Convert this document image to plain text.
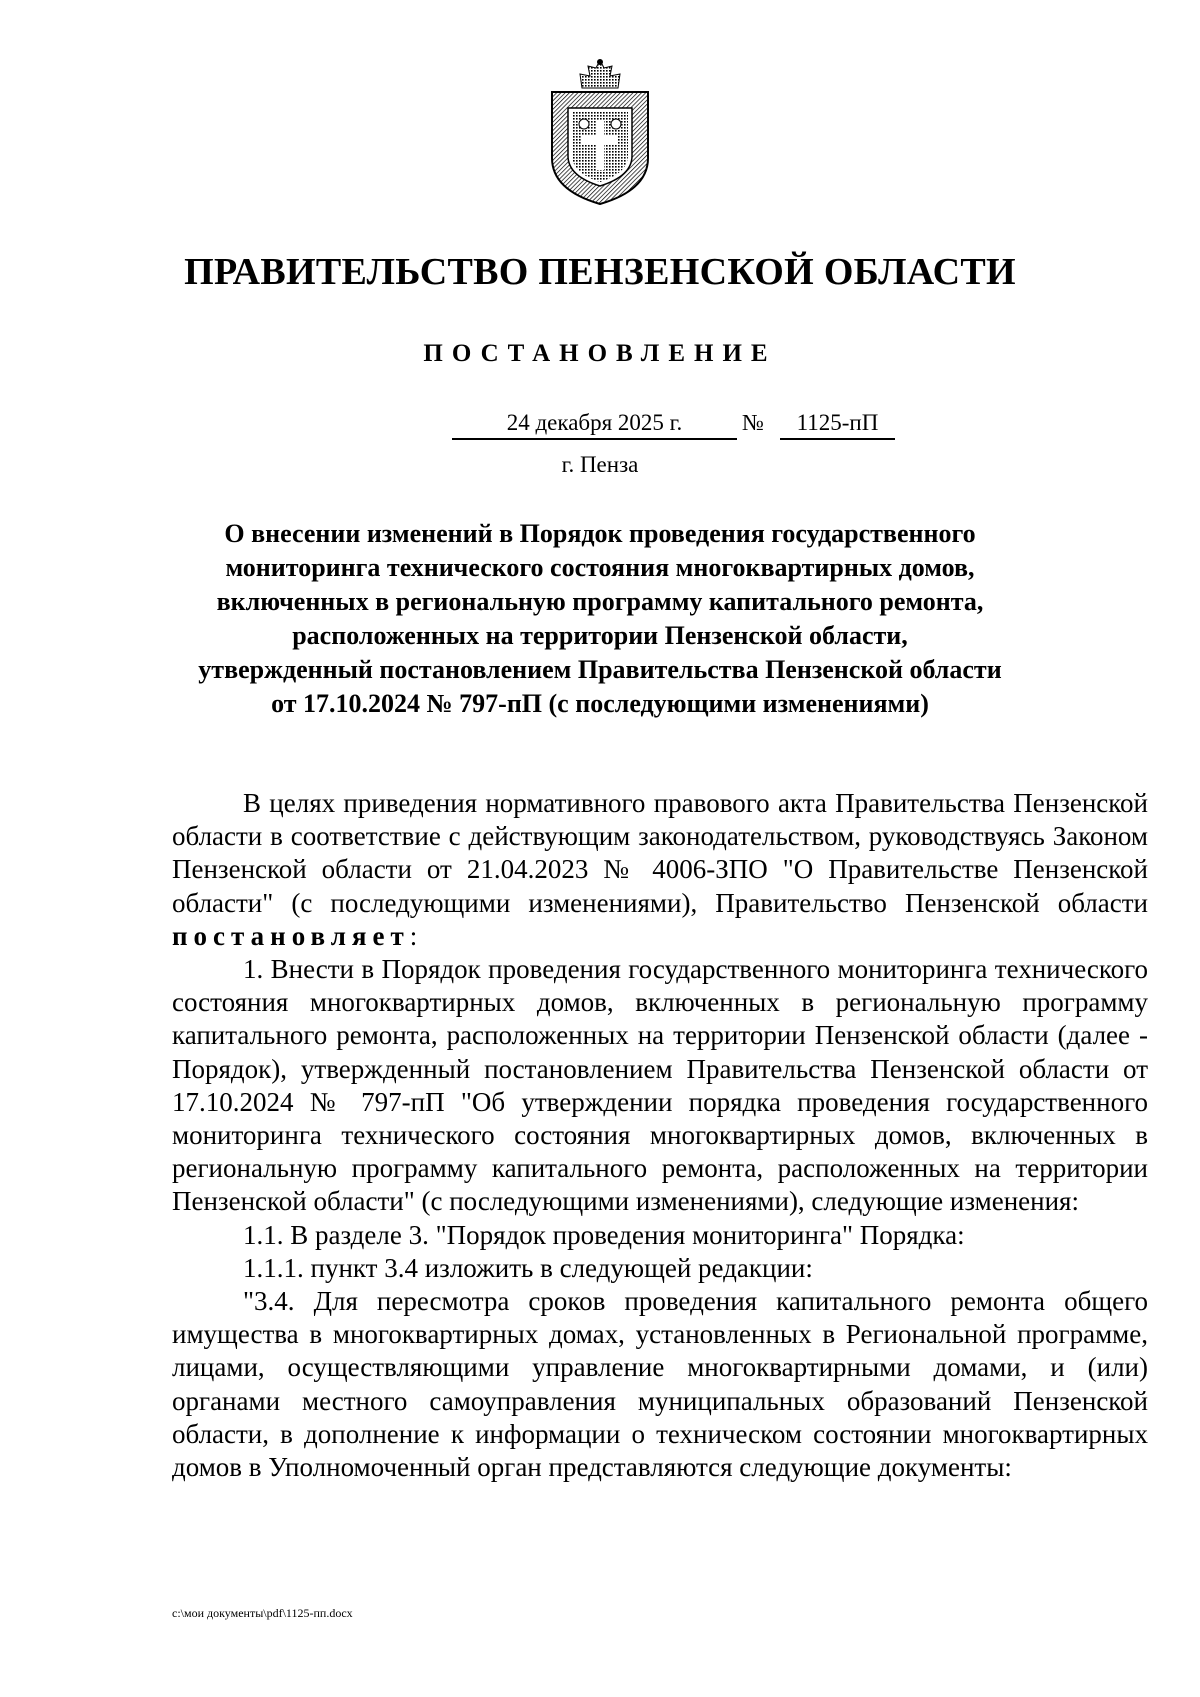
ПРАВИТЕЛЬСТВО ПЕНЗЕНСКОЙ ОБЛАСТИ
ПОСТАНОВЛЕНИЕ
24 декабря 2025 г.	№	1125-пП
г. Пенза
О внесении изменений в Порядок проведения государственного
мониторинга технического состояния многоквартирных домов,
включенных в региональную программу капитального ремонта,
расположенных на территории Пензенской области,
утвержденный постановлением Правительства Пензенской области
от 17.10.2024 № 797-пП (с последующими изменениями)

В целях приведения нормативного правового акта Правительства Пензенской области в соответствие с действующим законодательством, руководствуясь Законом Пензенской области от 21.04.2023 № 4006-ЗПО "О Правительстве Пензенской области" (с последующими изменениями), Правительство Пензенской области постановляет:

1. Внести в Порядок проведения государственного мониторинга технического состояния многоквартирных домов, включенных в региональную программу капитального ремонта, расположенных на территории Пензенской области (далее - Порядок), утвержденный постановлением Правительства Пензенской области от 17.10.2024 № 797-пП "Об утверждении порядка проведения государственного мониторинга технического состояния многоквартирных домов, включенных в региональную программу капитального ремонта, расположенных на территории Пензенской области" (с последующими изменениями), следующие изменения:

1.1. В разделе 3. "Порядок проведения мониторинга" Порядка:

1.1.1. пункт 3.4 изложить в следующей редакции:

"3.4. Для пересмотра сроков проведения капитального ремонта общего имущества в многоквартирных домах, установленных в Региональной программе, лицами, осуществляющими управление многоквартирными домами, и (или) органами местного самоуправления муниципальных образований Пензенской области, в дополнение к информации о техническом состоянии многоквартирных домов в Уполномоченный орган представляются следующие документы:

c:\мои документы\pdf\1125-пп.docx
